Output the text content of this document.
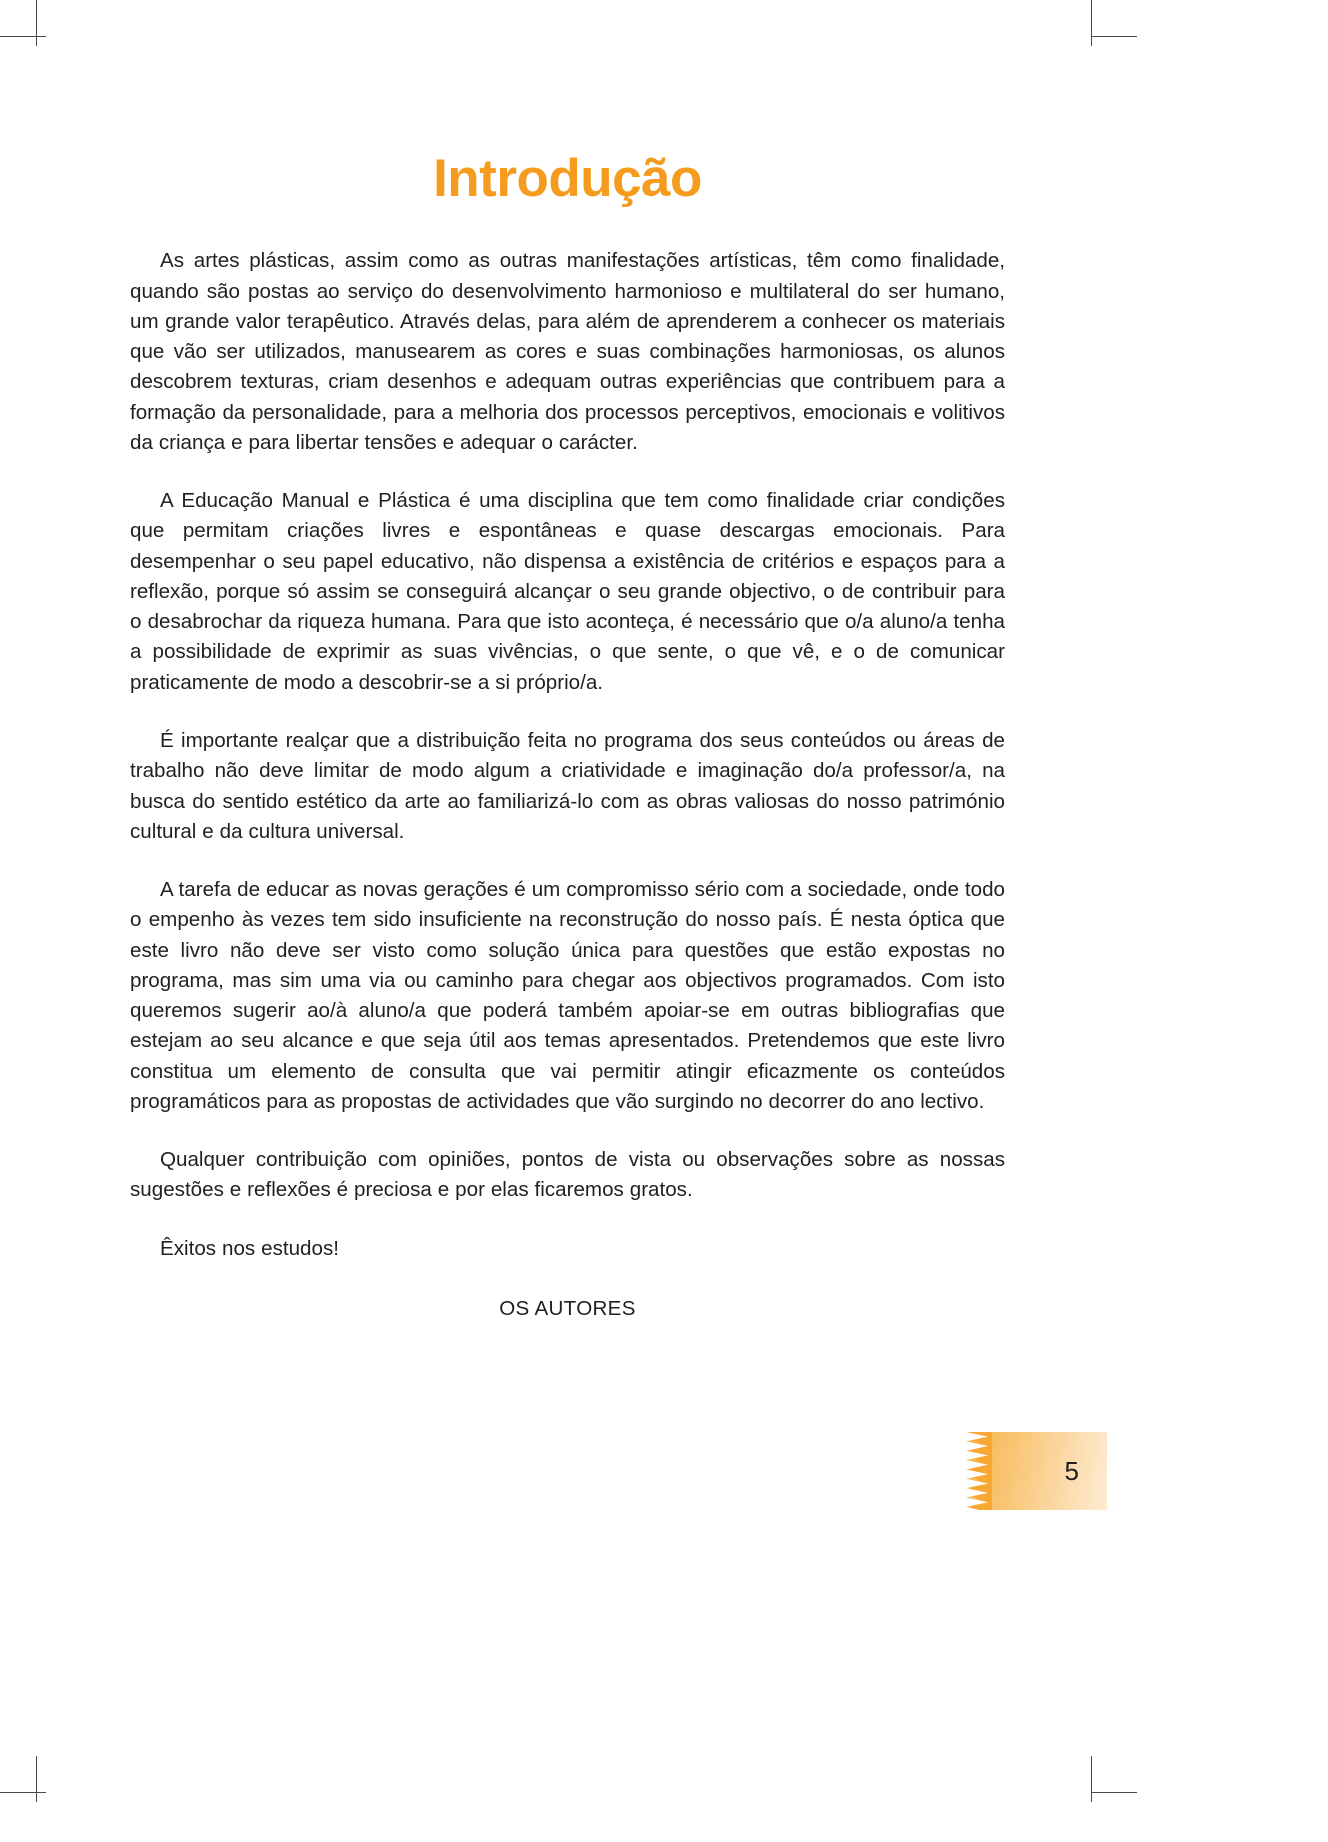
Introdução

As artes plásticas, assim como as outras manifestações artísticas, têm como finalidade, quando são postas ao serviço do desenvolvimento harmonioso e multilateral do ser humano, um grande valor terapêutico. Através delas, para além de aprenderem a conhecer os materiais que vão ser utilizados, manusearem as cores e suas combinações harmoniosas, os alunos descobrem texturas, criam desenhos e adequam outras experiências que contribuem para a formação da personalidade, para a melhoria dos processos perceptivos, emocionais e volitivos da criança e para libertar tensões e adequar o carácter.

A Educação Manual e Plástica é uma disciplina que tem como finalidade criar condições que permitam criações livres e espontâneas e quase descargas emocionais. Para desempenhar o seu papel educativo, não dispensa a existência de critérios e espaços para a reflexão, porque só assim se conseguirá alcançar o seu grande objectivo, o de contribuir para o desabrochar da riqueza humana. Para que isto aconteça, é necessário que o/a aluno/a tenha a possibilidade de exprimir as suas vivências, o que sente, o que vê, e o de comunicar praticamente de modo a descobrir-se a si próprio/a.

É importante realçar que a distribuição feita no programa dos seus conteúdos ou áreas de trabalho não deve limitar de modo algum a criatividade e imaginação do/a professor/a, na busca do sentido estético da arte ao familiarizá-lo com as obras valiosas do nosso património cultural e da cultura universal.

A tarefa de educar as novas gerações é um compromisso sério com a sociedade, onde todo o empenho às vezes tem sido insuficiente na reconstrução do nosso país. É nesta óptica que este livro não deve ser visto como solução única para questões que estão expostas no programa, mas sim uma via ou caminho para chegar aos objectivos programados. Com isto queremos sugerir ao/à aluno/a que poderá também apoiar-se em outras bibliografias que estejam ao seu alcance e que seja útil aos temas apresentados. Pretendemos que este livro constitua um elemento de consulta que vai permitir atingir eficazmente os conteúdos programáticos para as propostas de actividades que vão surgindo no decorrer do ano lectivo.

Qualquer contribuição com opiniões, pontos de vista ou observações sobre as nossas sugestões e reflexões é preciosa e por elas ficaremos gratos.

Êxitos nos estudos!

OS AUTORES

5
